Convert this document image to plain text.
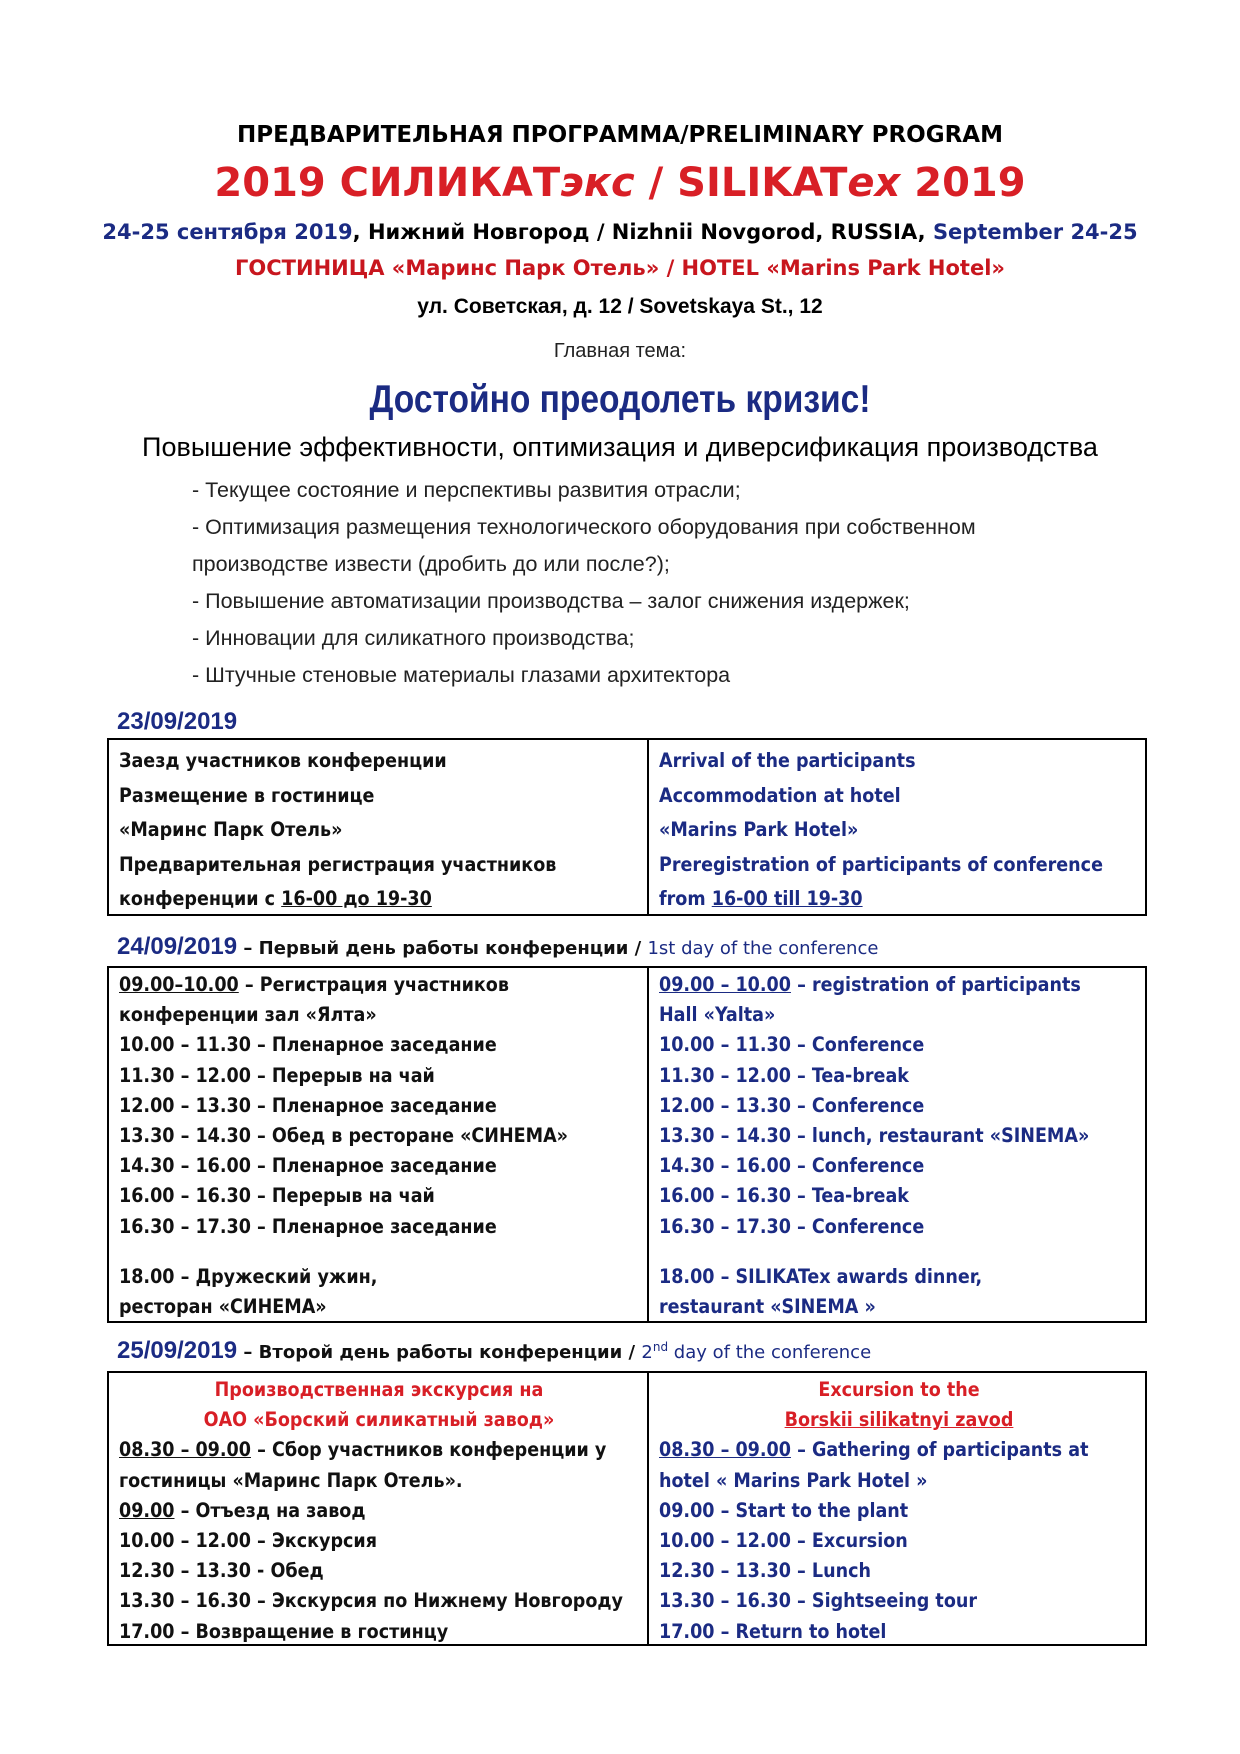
ПРЕДВАРИТЕЛЬНАЯ ПРОГРАММА/PRELIMINARY PROGRAM
2019 СИЛИКАТэкс / SILIKATex 2019
24-25 сентября 2019, Нижний Новгород / Nizhnii Novgorod, RUSSIA, September 24-25
ГОСТИНИЦА «Маринс Парк Отель» / HOTEL «Marins Park Hotel»
ул. Советская, д. 12 / Sovetskaya St., 12
Главная тема:
Достойно преодолеть кризис!
Повышение эффективности, оптимизация и диверсификация производства
- Текущее состояние и перспективы развития отрасли;
- Оптимизация размещения технологического оборудования при собственном
производстве извести (дробить до или после?);
- Повышение автоматизации производства – залог снижения издержек;
- Инновации для силикатного производства;
- Штучные стеновые материалы глазами архитектора
23/09/2019
Заезд участников конференции
Размещение в гостинице
«Маринс Парк Отель»
Предварительная регистрация участников
конференции с 16-00 до 19-30
Arrival of the participants
Accommodation at hotel
«Marins Park Hotel»
Preregistration of participants of conference
from 16-00 till 19-30
24/09/2019 – Первый день работы конференции / 1st day of the conference
09.00–10.00 – Регистрация участников
конференции зал «Ялта»
10.00 – 11.30 – Пленарное заседание
11.30 – 12.00 – Перерыв на чай
12.00 – 13.30 – Пленарное заседание
13.30 – 14.30 – Обед в ресторане «СИНЕМА»
14.30 – 16.00 – Пленарное заседание
16.00 – 16.30 – Перерыв на чай
16.30 – 17.30 – Пленарное заседание
18.00 – Дружеский ужин,
ресторан «СИНЕМА»
09.00 – 10.00 – registration of participants
Hall «Yalta»
10.00 – 11.30 – Conference
11.30 – 12.00 – Tea-break
12.00 – 13.30 – Conference
13.30 – 14.30 – lunch, restaurant «SINEMA»
14.30 – 16.00 – Conference
16.00 – 16.30 – Tea-break
16.30 – 17.30 – Conference
18.00 – SILIKATex awards dinner,
restaurant «SINEMA »
25/09/2019 – Второй день работы конференции / 2nd day of the conference
Производственная экскурсия на
ОАО «Борский силикатный завод»
08.30 – 09.00 – Сбор участников конференции у
гостиницы «Маринс Парк Отель».
09.00 – Отъезд на завод
10.00 – 12.00 – Экскурсия
12.30 – 13.30 - Обед
13.30 – 16.30 – Экскурсия по Нижнему Новгороду
17.00 – Возвращение в гостинцу
Excursion to the
Borskii silikatnyi zavod
08.30 – 09.00 – Gathering of participants at
hotel « Marins Park Hotel »
09.00 – Start to the plant
10.00 – 12.00 – Excursion
12.30 – 13.30 – Lunch
13.30 – 16.30 – Sightseeing tour
17.00 – Return to hotel
